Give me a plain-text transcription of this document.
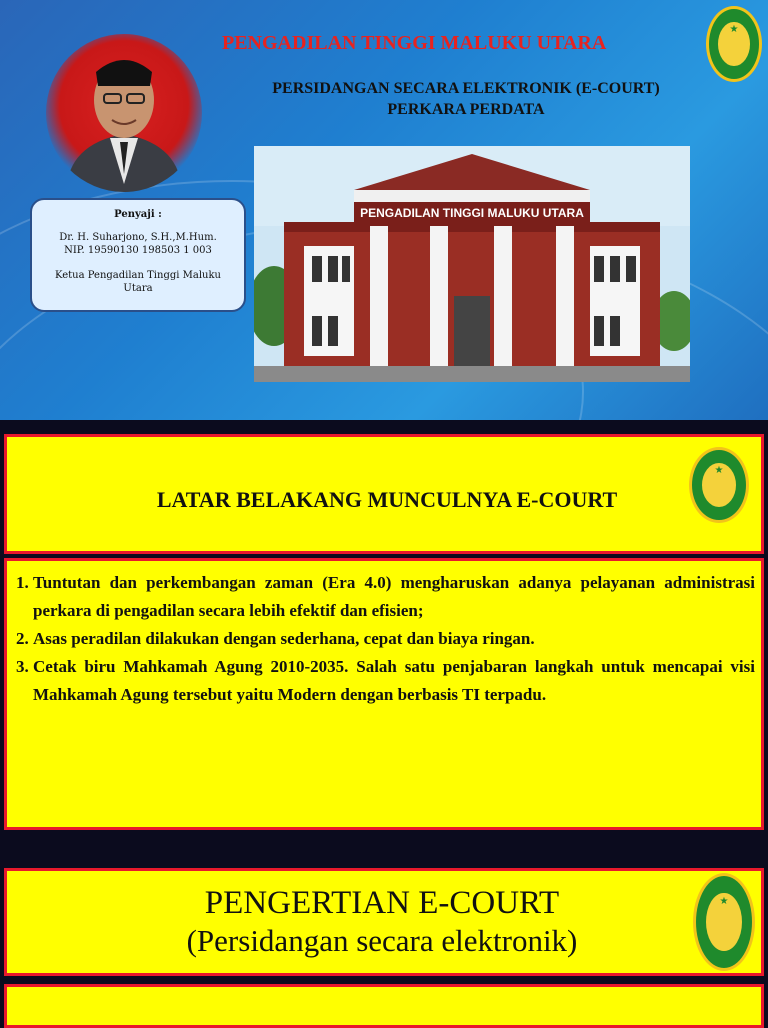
PENGADILAN TINGGI MALUKU UTARA
PERSIDANGAN SECARA ELEKTRONIK (E-COURT) PERKARA PERDATA
★

Penyaji :

Dr. H. Suharjono, S.H.,M.Hum.

NIP. 19590130 198503 1 003

Ketua Pengadilan Tinggi Maluku Utara

PENGADILAN TINGGI MALUKU UTARA
LATAR BELAKANG MUNCULNYA E-COURT
★
1. Tuntutan dan perkembangan zaman (Era 4.0) mengharuskan adanya pelayanan administrasi perkara di pengadilan secara lebih efektif dan efisien;
2. Asas peradilan dilakukan dengan sederhana, cepat dan biaya ringan.
3. Cetak biru Mahkamah Agung 2010-2035. Salah satu penjabaran langkah untuk mencapai visi Mahkamah Agung tersebut yaitu Modern dengan berbasis TI terpadu.
PENGERTIAN E-COURT
(Persidangan secara elektronik)
★
